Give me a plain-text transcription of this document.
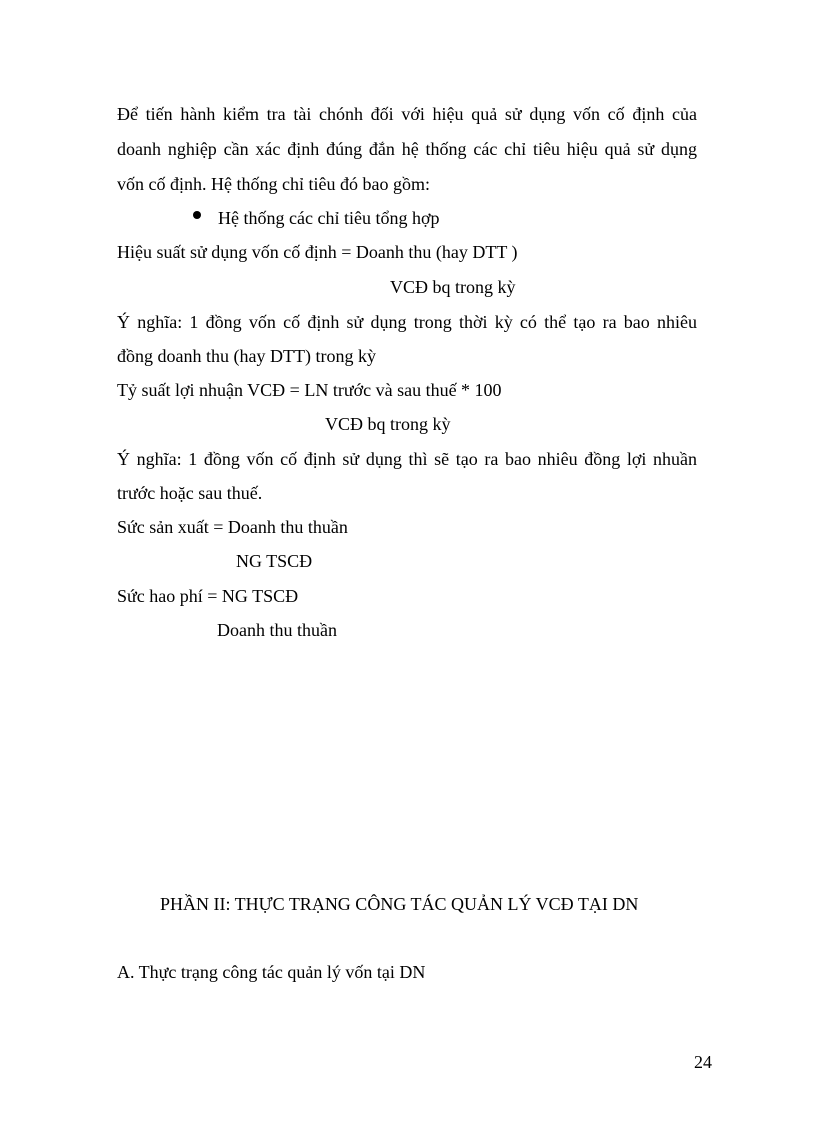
Để tiến hành kiểm tra tài chónh đối với hiệu quả sử dụng vốn cố định của
doanh nghiệp cần xác định đúng đắn hệ thống các chỉ tiêu hiệu quả sử dụng
vốn cố định. Hệ thống chỉ tiêu đó bao gồm:
Hệ thống các chỉ tiêu tổng hợp
Hiệu suất sử dụng vốn cố định = Doanh thu (hay DTT )
VCĐ bq trong kỳ
Ý nghĩa: 1 đồng vốn cố định sử dụng trong thời kỳ có thể tạo ra bao nhiêu
đồng doanh thu (hay DTT) trong kỳ
Tỷ suất lợi nhuận VCĐ = LN trước và sau thuế * 100
VCĐ bq trong kỳ
Ý nghĩa: 1 đồng vốn cố định sử dụng thì sẽ tạo ra bao nhiêu đồng lợi nhuần
trước hoặc sau thuế.
Sức sản xuất = Doanh thu thuần
NG TSCĐ
Sức hao phí = NG TSCĐ
Doanh thu thuần
PHẦN II: THỰC TRẠNG CÔNG TÁC QUẢN LÝ VCĐ TẠI DN
A. Thực trạng công tác quản lý vốn tại DN
24
